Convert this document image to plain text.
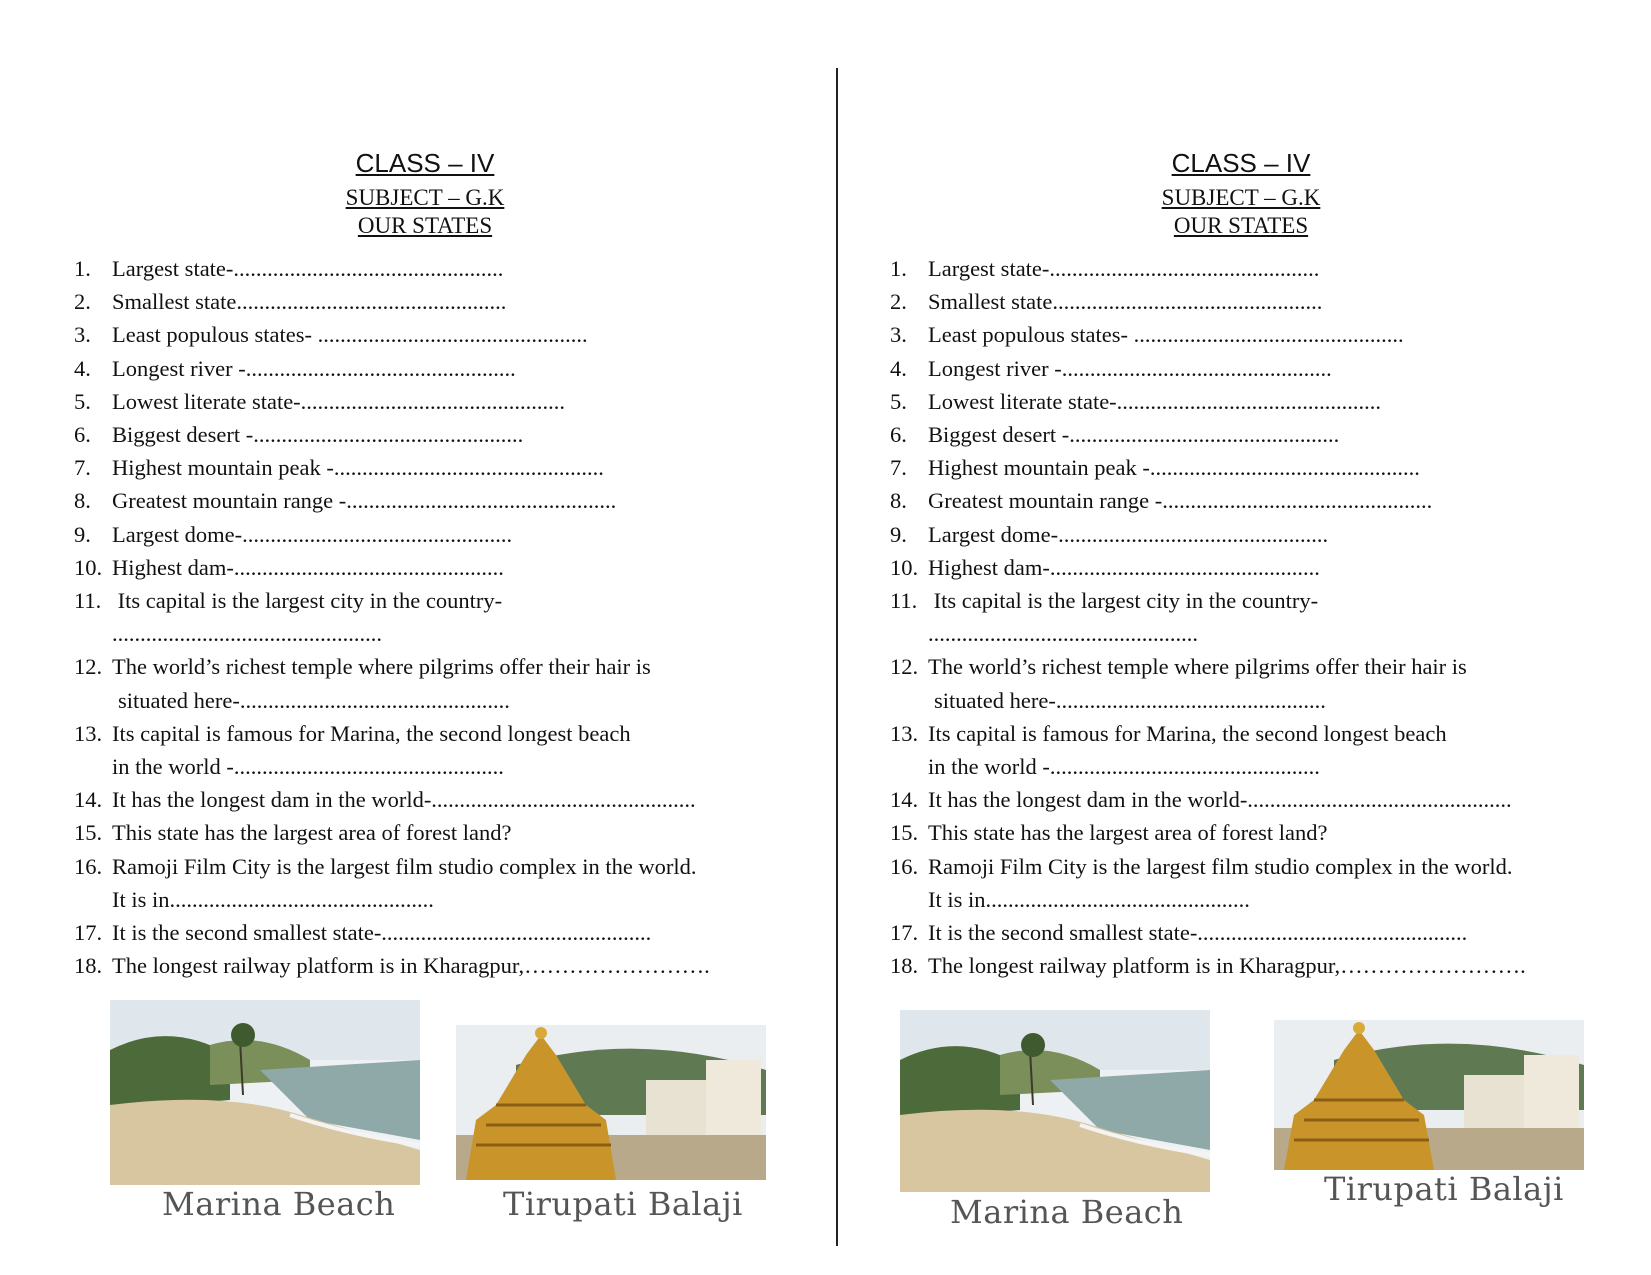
CLASS – IV
SUBJECT – G.K
OUR STATES
1. Largest state-................................................
2. Smallest state................................................
3. Least populous states- ................................................
4. Longest river -................................................
5. Lowest literate state-...............................................
6. Biggest desert -................................................
7. Highest mountain peak -................................................
8. Greatest mountain range -................................................
9. Largest dome-................................................
10. Highest dam-................................................
11. Its capital is the largest city in the country-
................................................
12. The world’s richest temple where pilgrims offer their hair is
situated here-................................................
13. Its capital is famous for Marina, the second longest beach
in the world -................................................
14. It has the longest dam in the world-...............................................
15. This state has the largest area of forest land?
16. Ramoji Film City is the largest film studio complex in the world.
It is in...............................................
17. It is the second smallest state-................................................
18. The longest railway platform is in Kharagpur,…………………….
Marina Beach	Tirupati Balaji
CLASS – IV
SUBJECT – G.K
OUR STATES
1. Largest state-................................................
2. Smallest state................................................
3. Least populous states- ................................................
4. Longest river -................................................
5. Lowest literate state-...............................................
6. Biggest desert -................................................
7. Highest mountain peak -................................................
8. Greatest mountain range -................................................
9. Largest dome-................................................
10. Highest dam-................................................
11. Its capital is the largest city in the country-
................................................
12. The world’s richest temple where pilgrims offer their hair is
situated here-................................................
13. Its capital is famous for Marina, the second longest beach
in the world -................................................
14. It has the longest dam in the world-...............................................
15. This state has the largest area of forest land?
16. Ramoji Film City is the largest film studio complex in the world.
It is in...............................................
17. It is the second smallest state-................................................
18. The longest railway platform is in Kharagpur,…………………….
Marina Beach
Tirupati Balaji
